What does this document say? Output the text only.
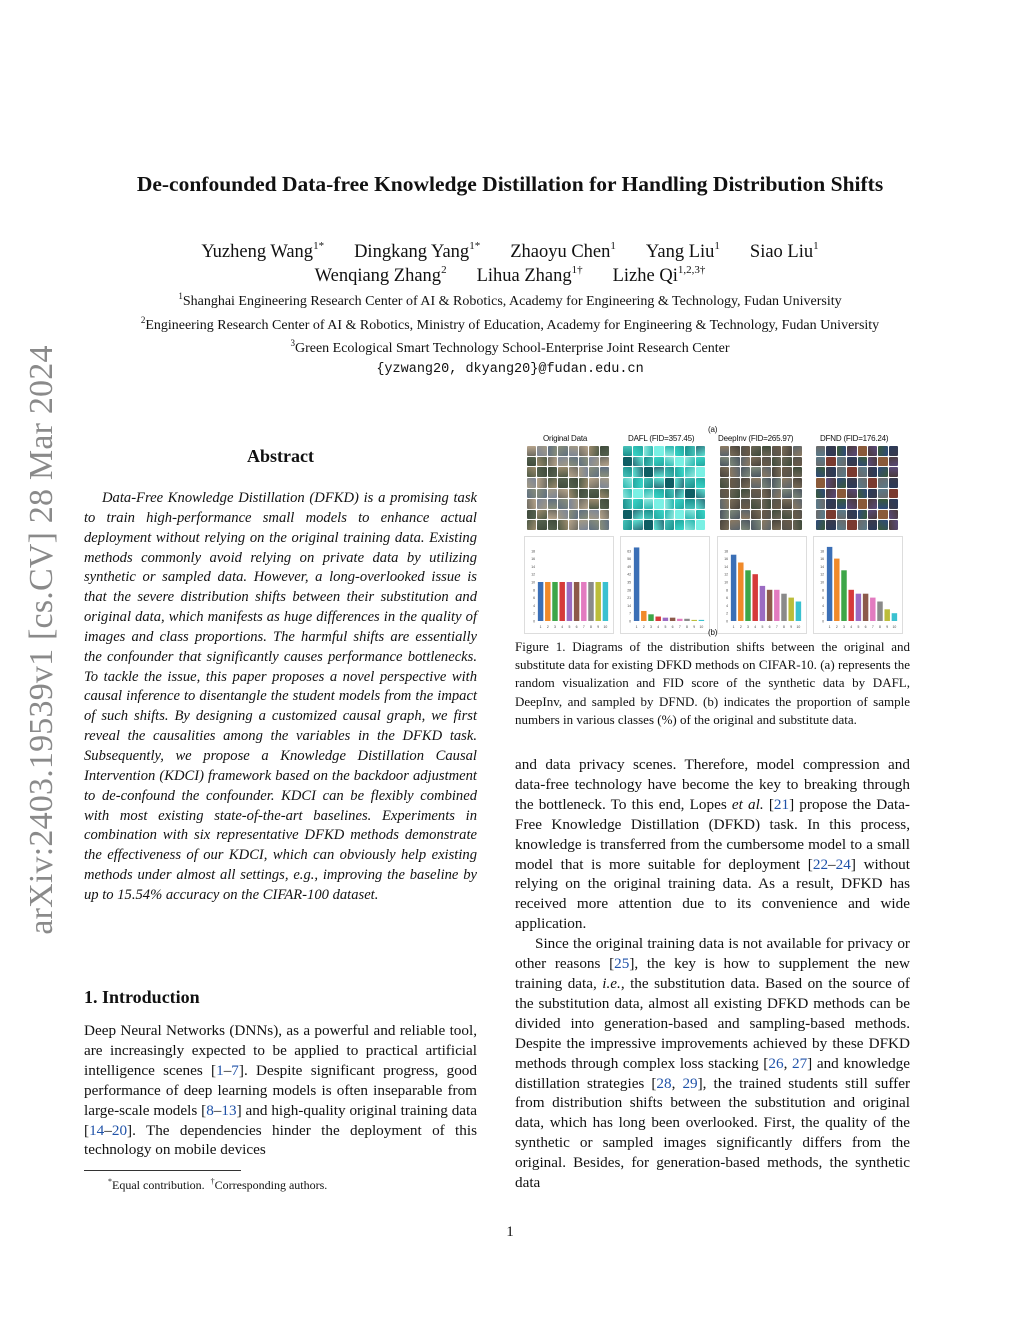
arXiv:2403.19539v1 [cs.CV] 28 Mar 2024
De-confounded Data-free Knowledge Distillation for Handling Distribution Shifts
Yuzheng Wang$^{1*}$ Dingkang Yang$^{1*}$ Zhaoyu Chen$^1$ Yang Liu$^1$ Siao Liu$^1$
Wenqiang Zhang$^2$ Lihua Zhang$^{1\dagger}$ Lizhe $Qi^{1,2,3\dagger}$
$^1$Shanghai Engineering Research Center of AI & Robotics, Academy for Engineering & Technology, Fudan University
$^2$Engineering Research Center of AI & Robotics, Ministry of Education, Academy for Engineering & Technology, Fudan University
$^3$Green Ecological Smart Technology School-Enterprise Joint Research Center
{yzwang20, dkyang20}@fudan.edu.cn
Abstract
Data-Free Knowledge Distillation (DFKD) is a promising task to train high-performance small models to enhance actual deployment without relying on the original training data. Existing methods commonly avoid relying on private data by utilizing synthetic or sampled data. However, a long-overlooked issue is that the severe distribution shifts between their substitution and original data, which manifests as huge differences in the quality of images and class proportions. The harmful shifts are essentially the confounder that significantly causes performance bottlenecks. To tackle the issue, this paper proposes a novel perspective with causal inference to disentangle the student models from the impact of such shifts. By designing a customized causal graph, we first reveal the causalities among the variables in the DFKD task. Subsequently, we propose a Knowledge Distillation Causal Intervention (KDCI) framework based on the backdoor adjustment to de-confound the confounder. KDCI can be flexibly combined with most existing state-of-the-art baselines. Experiments in combination with six representative DFKD methods demonstrate the effectiveness of our KDCI, which can obviously help existing methods under almost all settings, e.g., improving the baseline by up to 15.54% accuracy on the CIFAR-100 dataset.
1. Introduction
Deep Neural Networks (DNNs), as a powerful and reliable tool, are increasingly expected to be applied to practical artificial intelligence scenes [1–7]. Despite significant progress, good performance of deep learning models is often inseparable from large-scale models [8–13] and high-quality original training data [14–20]. The dependencies hinder the deployment of this technology on mobile devices
*Equal contribution. †Corresponding authors.
(a)
Original Data	DAFL (FID=357.45)	DeepInv (FID=265.97)	DFND (FID=176.24)
0
2
4
6
8
10
12
14
16
18
1 2 3 4 5 6 7 8 9 10
0
7
14
21
28
35
42
49
56
63
1 2 3 4 5 6 7 8 9 10
0
2
4
6
8
10
12
14
16
18
1 2 3 4 5 6 7 8 9 10
0
2
4
6
8
10
12
14
16
18
1 2 3 4 5 6 7 8 9 10
(b)
Figure 1. Diagrams of the distribution shifts between the original and substitute data for existing DFKD methods on CIFAR-10. (a) represents the random visualization and FID score of the synthetic data by DAFL, DeepInv, and sampled by DFND. (b) indicates the proportion of sample numbers in various classes (%) of the original and substitute data.

and data privacy scenes. Therefore, model compression and data-free technology have become the key to breaking through the bottleneck. To this end, Lopes et al. [21] propose the Data-Free Knowledge Distillation (DFKD) task. In this process, knowledge is transferred from the cumbersome model to a small model that is more suitable for deployment [22–24] without relying on the original training data. As a result, DFKD has received more attention due to its convenience and wide application.

Since the original training data is not available for privacy or other reasons [25], the key is how to supplement the new training data, i.e., the substitution data. Based on the source of the substitution data, almost all existing DFKD methods can be divided into generation-based and sampling-based methods. Despite the impressive improvements achieved by these DFKD methods through complex loss stacking [26, 27] and knowledge distillation strategies [28, 29], the trained students still suffer from distribution shifts between the substitution and original data, which has long been overlooked. First, the quality of the synthetic or sampled images significantly differs from the original. Besides, for generation-based methods, the synthetic data

1
